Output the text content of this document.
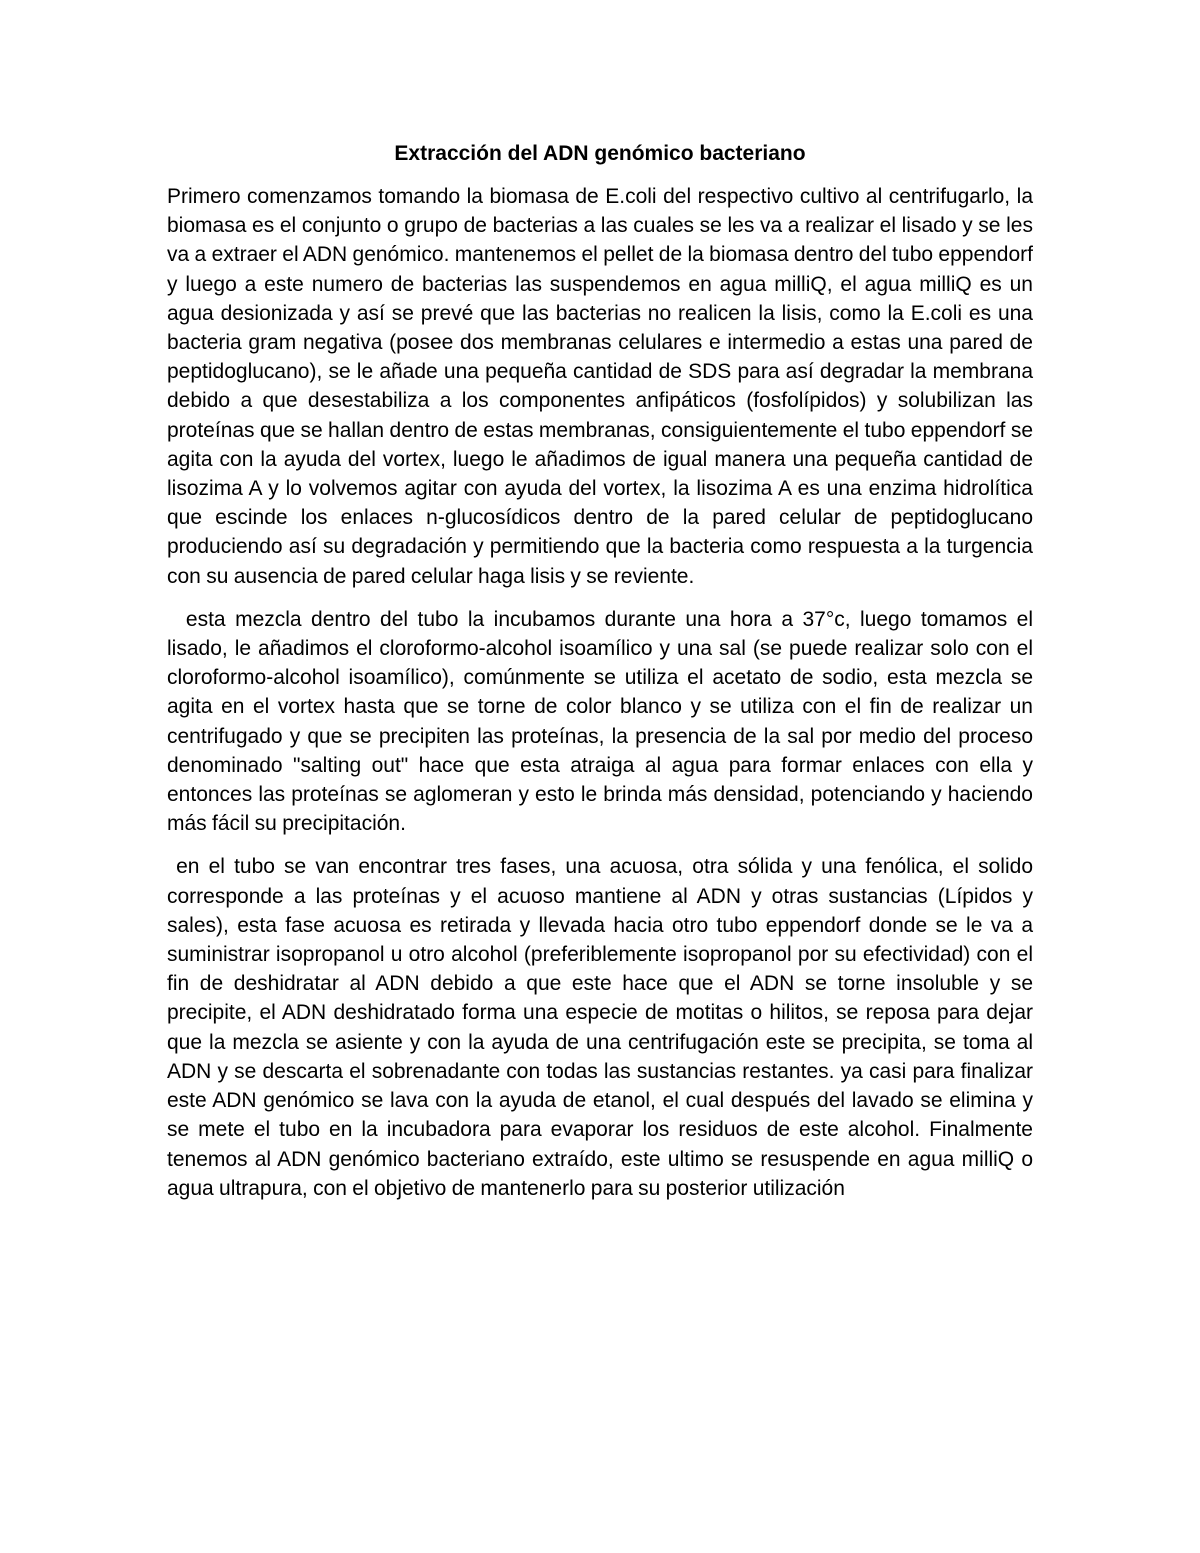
Extracción del ADN genómico bacteriano

Primero comenzamos tomando la biomasa de E.coli del respectivo cultivo al centrifugarlo, la biomasa es el conjunto o grupo de bacterias a las cuales se les va a realizar el lisado y se les va a extraer el ADN genómico. mantenemos el pellet de la biomasa dentro del tubo eppendorf y luego a este numero de bacterias las suspendemos en agua milliQ, el agua milliQ es un agua desionizada y así se prevé que las bacterias no realicen la lisis, como la E.coli es una bacteria gram negativa (posee dos membranas celulares e intermedio a estas una pared de peptidoglucano), se le añade una pequeña cantidad de SDS para así degradar la membrana debido a que desestabiliza a los componentes anfipáticos (fosfolípidos) y solubilizan las proteínas que se hallan dentro de estas membranas, consiguientemente el tubo eppendorf se agita con la ayuda del vortex, luego le añadimos de igual manera una pequeña cantidad de lisozima A y lo volvemos agitar con ayuda del vortex, la lisozima A es una enzima hidrolítica que escinde los enlaces n-glucosídicos dentro de la pared celular de peptidoglucano produciendo así su degradación y permitiendo que la bacteria como respuesta a la turgencia con su ausencia de pared celular haga lisis y se reviente.

esta mezcla dentro del tubo la incubamos durante una hora a 37°c, luego tomamos el lisado, le añadimos el cloroformo-alcohol isoamílico y una sal (se puede realizar solo con el cloroformo-alcohol isoamílico), comúnmente se utiliza el acetato de sodio, esta mezcla se agita en el vortex hasta que se torne de color blanco y se utiliza con el fin de realizar un centrifugado y que se precipiten las proteínas, la presencia de la sal por medio del proceso denominado "salting out" hace que esta atraiga al agua para formar enlaces con ella y entonces las proteínas se aglomeran y esto le brinda más densidad, potenciando y haciendo más fácil su precipitación.

en el tubo se van encontrar tres fases, una acuosa, otra sólida y una fenólica, el solido corresponde a las proteínas y el acuoso mantiene al ADN y otras sustancias (Lípidos y sales), esta fase acuosa es retirada y llevada hacia otro tubo eppendorf donde se le va a suministrar isopropanol u otro alcohol (preferiblemente isopropanol por su efectividad) con el fin de deshidratar al ADN debido a que este hace que el ADN se torne insoluble y se precipite, el ADN deshidratado forma una especie de motitas o hilitos, se reposa para dejar que la mezcla se asiente y con la ayuda de una centrifugación este se precipita, se toma al ADN y se descarta el sobrenadante con todas las sustancias restantes. ya casi para finalizar este ADN genómico se lava con la ayuda de etanol, el cual después del lavado se elimina y se mete el tubo en la incubadora para evaporar los residuos de este alcohol. Finalmente tenemos al ADN genómico bacteriano extraído, este ultimo se resuspende en agua milliQ o agua ultrapura, con el objetivo de mantenerlo para su posterior utilización
